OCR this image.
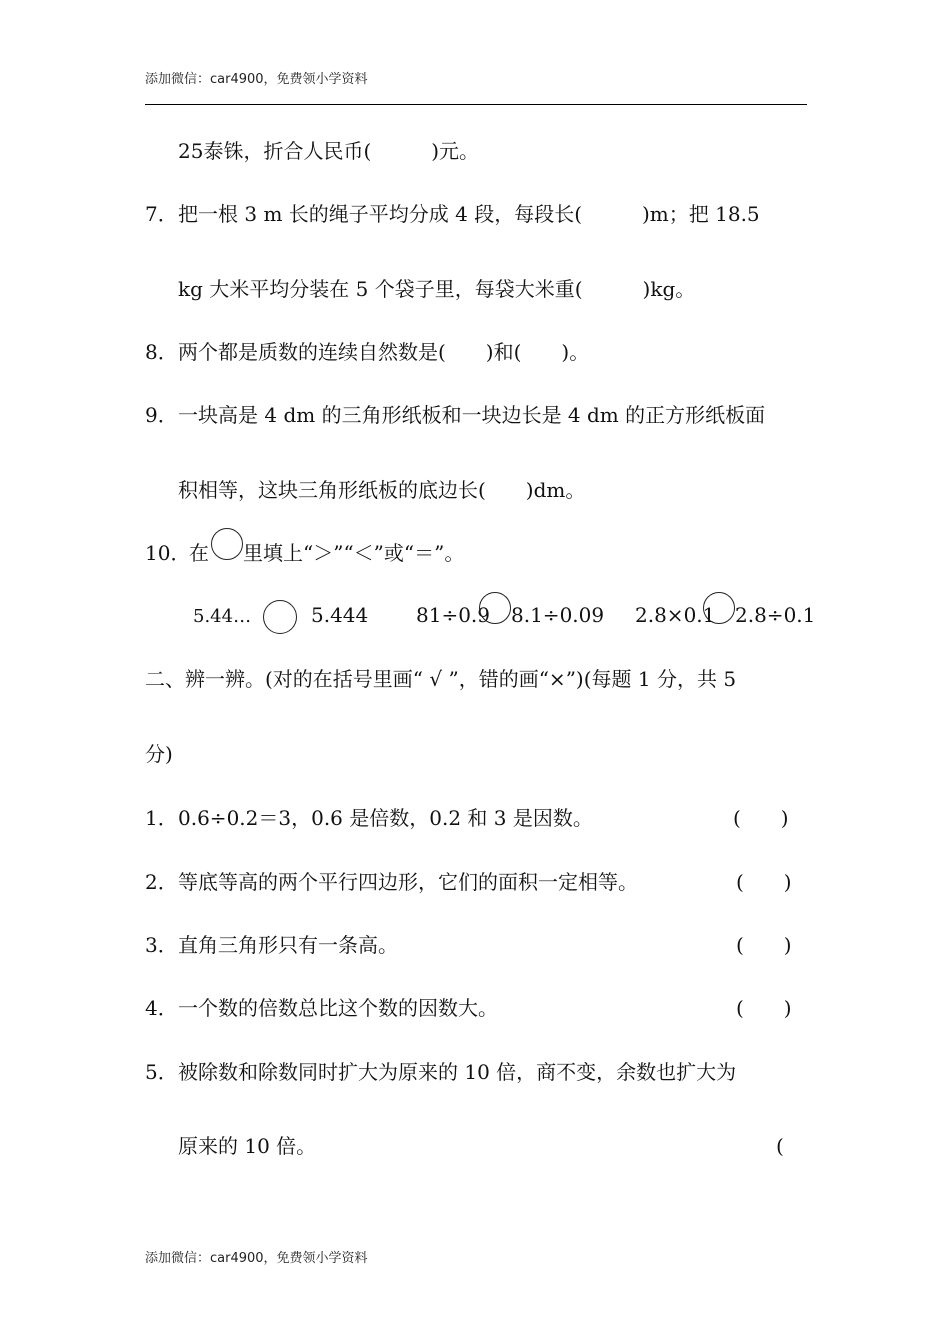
添加微信：car4900，免费领小学资料
25泰铢，折合人民币(　　　)元。
7． 把一根 3 m 长的绳子平均分成 4 段，每段长(　　　)m；把 18.5
kg 大米平均分装在 5 个袋子里，每袋大米重(　　　)kg。
8． 两个都是质数的连续自然数是(　　)和(　　)。
9． 一块高是 4 dm 的三角形纸板和一块边长是 4 dm 的正方形纸板面
积相等，这块三角形纸板的底边长(　　)dm。
10．
在 里填上“＞”“＜”或“＝”。
5.44…	5.444 81÷0.9 8.1÷0.09 2.8×0.1 2.8÷0.1
二、辨一辨。(对的在括号里画“ √ ”，错的画“×”)(每题 1 分，共 5
分)
1． 0.6÷0.2＝3，0.6 是倍数，0.2 和 3 是因数。	(　　)
2． 等底等高的两个平行四边形，它们的面积一定相等。	(　　)
3． 直角三角形只有一条高。	(　　)
4． 一个数的倍数总比这个数的因数大。	(　　)
5． 被除数和除数同时扩大为原来的 10 倍，商不变，余数也扩大为
原来的 10 倍。	(
添加微信：car4900，免费领小学资料
